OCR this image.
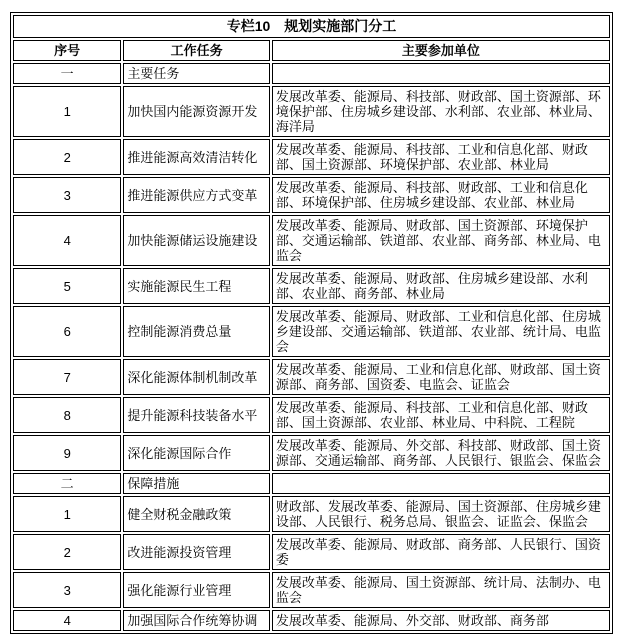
专栏10　规划实施部门分工		
序号	工作任务	主要参加单位
一	主要任务	
1	加快国内能源资源开发	发展改革委、能源局、科技部、财政部、国土资源部、环境保护部、住房城乡建设部、水利部、农业部、林业局、海洋局
2	推进能源高效清洁转化	发展改革委、能源局、科技部、工业和信息化部、财政部、国土资源部、环境保护部、农业部、林业局
3	推进能源供应方式变革	发展改革委、能源局、科技部、财政部、工业和信息化部、环境保护部、住房城乡建设部、农业部、林业局
4	加快能源储运设施建设	发展改革委、能源局、财政部、国土资源部、环境保护部、交通运输部、铁道部、农业部、商务部、林业局、电监会
5	实施能源民生工程	发展改革委、能源局、财政部、住房城乡建设部、水利部、农业部、商务部、林业局
6	控制能源消费总量	发展改革委、能源局、财政部、工业和信息化部、住房城乡建设部、交通运输部、铁道部、农业部、统计局、电监会
7	深化能源体制机制改革	发展改革委、能源局、工业和信息化部、财政部、国土资源部、商务部、国资委、电监会、证监会
8	提升能源科技装备水平	发展改革委、能源局、科技部、工业和信息化部、财政部、国土资源部、农业部、林业局、中科院、工程院
9	深化能源国际合作	发展改革委、能源局、外交部、科技部、财政部、国土资源部、交通运输部、商务部、人民银行、银监会、保监会
二	保障措施	
1	健全财税金融政策	财政部、发展改革委、能源局、国土资源部、住房城乡建设部、人民银行、税务总局、银监会、证监会、保监会
2	改进能源投资管理	发展改革委、能源局、财政部、商务部、人民银行、国资委
3	强化能源行业管理	发展改革委、能源局、国土资源部、统计局、法制办、电监会
4	加强国际合作统筹协调	发展改革委、能源局、外交部、财政部、商务部
